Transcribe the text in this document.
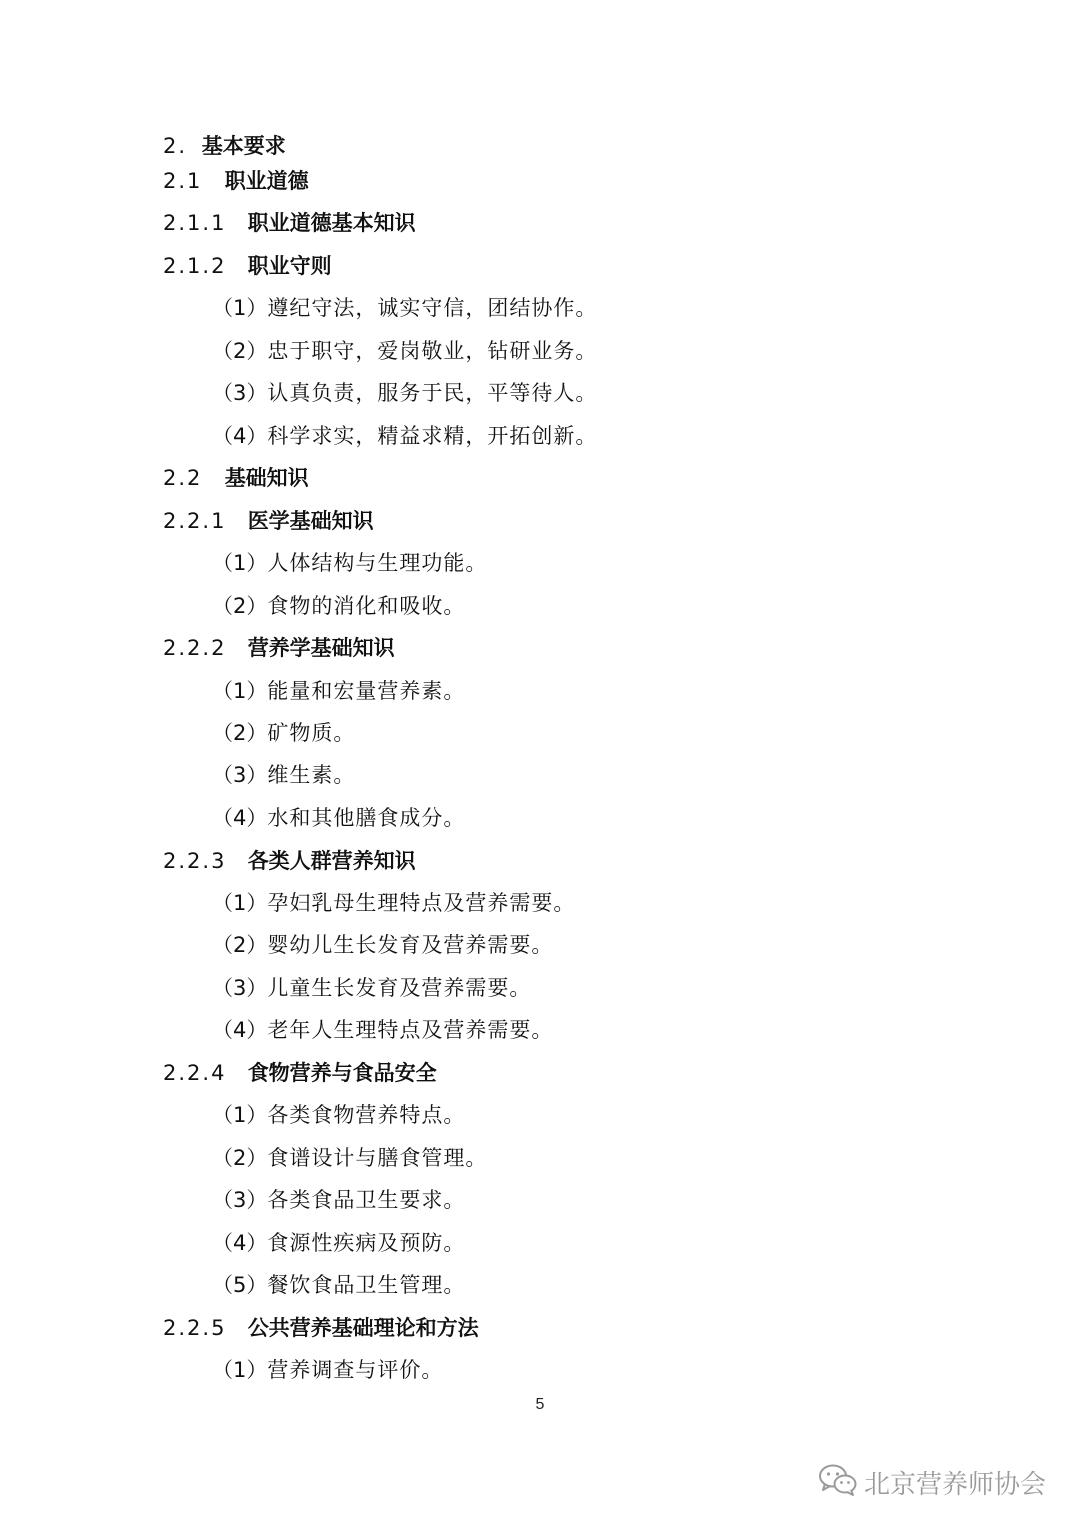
2. 基本要求
2.1 职业道德
2.1.1 职业道德基本知识
2.1.2 职业守则
（1）遵纪守法，诚实守信，团结协作。
（2）忠于职守，爱岗敬业，钻研业务。
（3）认真负责，服务于民，平等待人。
（4）科学求实，精益求精，开拓创新。
2.2 基础知识
2.2.1 医学基础知识
（1）人体结构与生理功能。
（2）食物的消化和吸收。
2.2.2 营养学基础知识
（1）能量和宏量营养素。
（2）矿物质。
（3）维生素。
（4）水和其他膳食成分。
2.2.3 各类人群营养知识
（1）孕妇乳母生理特点及营养需要。
（2）婴幼儿生长发育及营养需要。
（3）儿童生长发育及营养需要。
（4）老年人生理特点及营养需要。
2.2.4 食物营养与食品安全
（1）各类食物营养特点。
（2）食谱设计与膳食管理。
（3）各类食品卫生要求。
（4）食源性疾病及预防。
（5）餐饮食品卫生管理。
2.2.5 公共营养基础理论和方法
（1）营养调查与评价。
5
北京营养师协会
